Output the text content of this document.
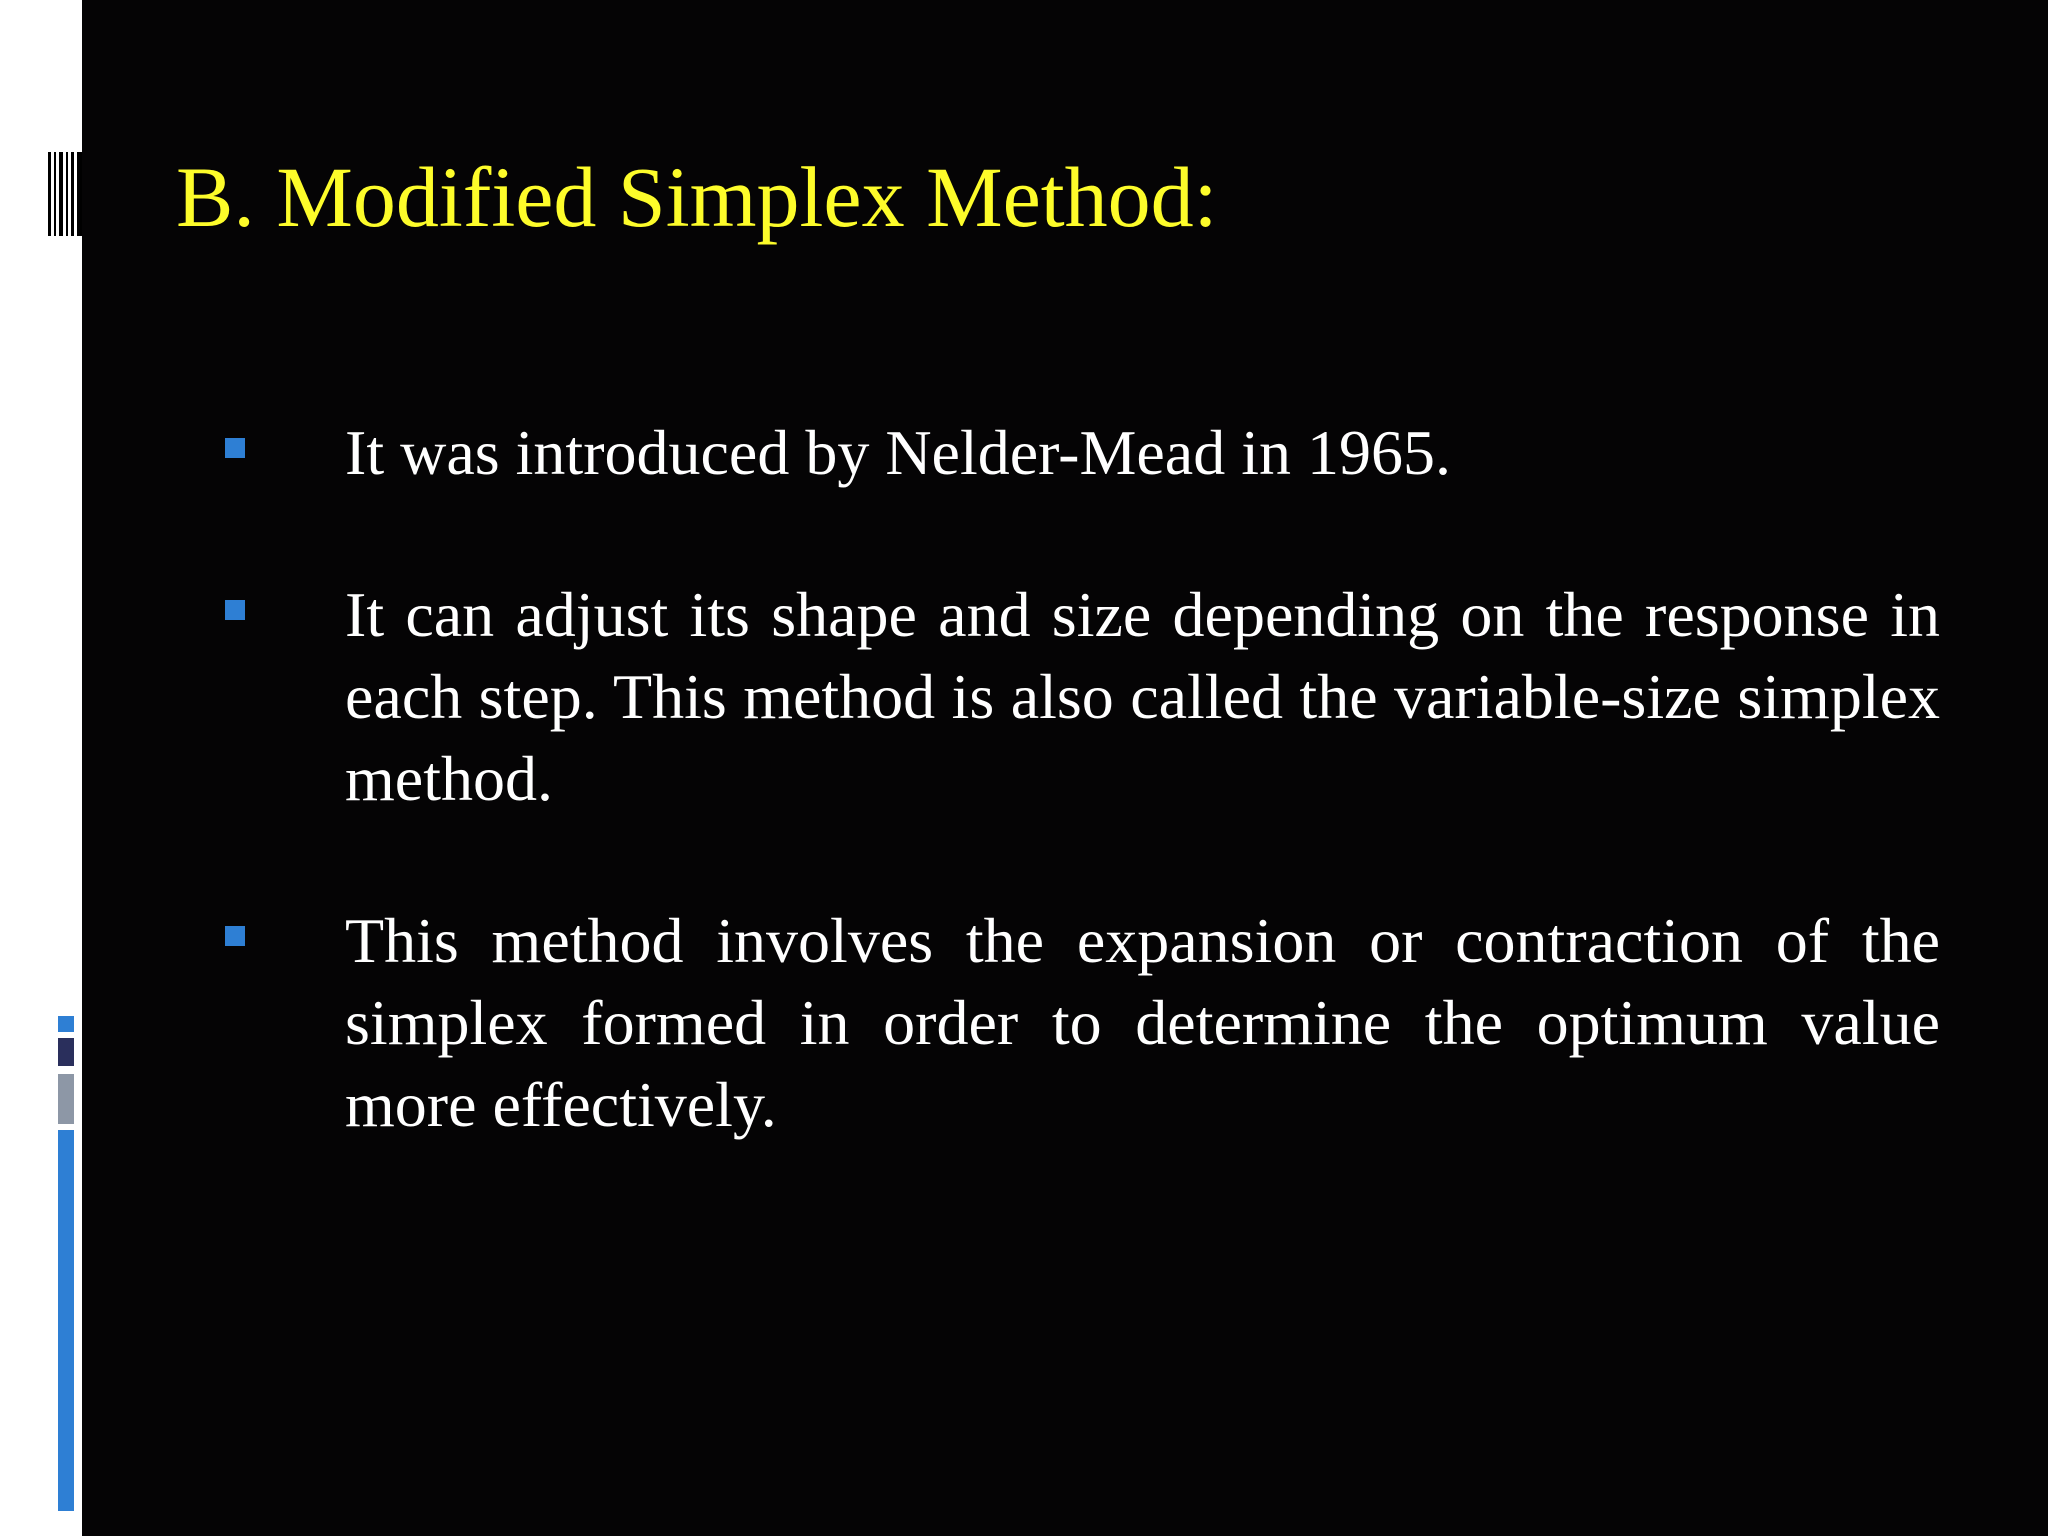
B. Modified Simplex Method:
It was introduced by Nelder-Mead in 1965.
It can adjust its shape and size depending on the response in each step. This method is also called the variable-size simplex method.
This method involves the expansion or contraction of the simplex formed in order to determine the optimum value more effectively.
